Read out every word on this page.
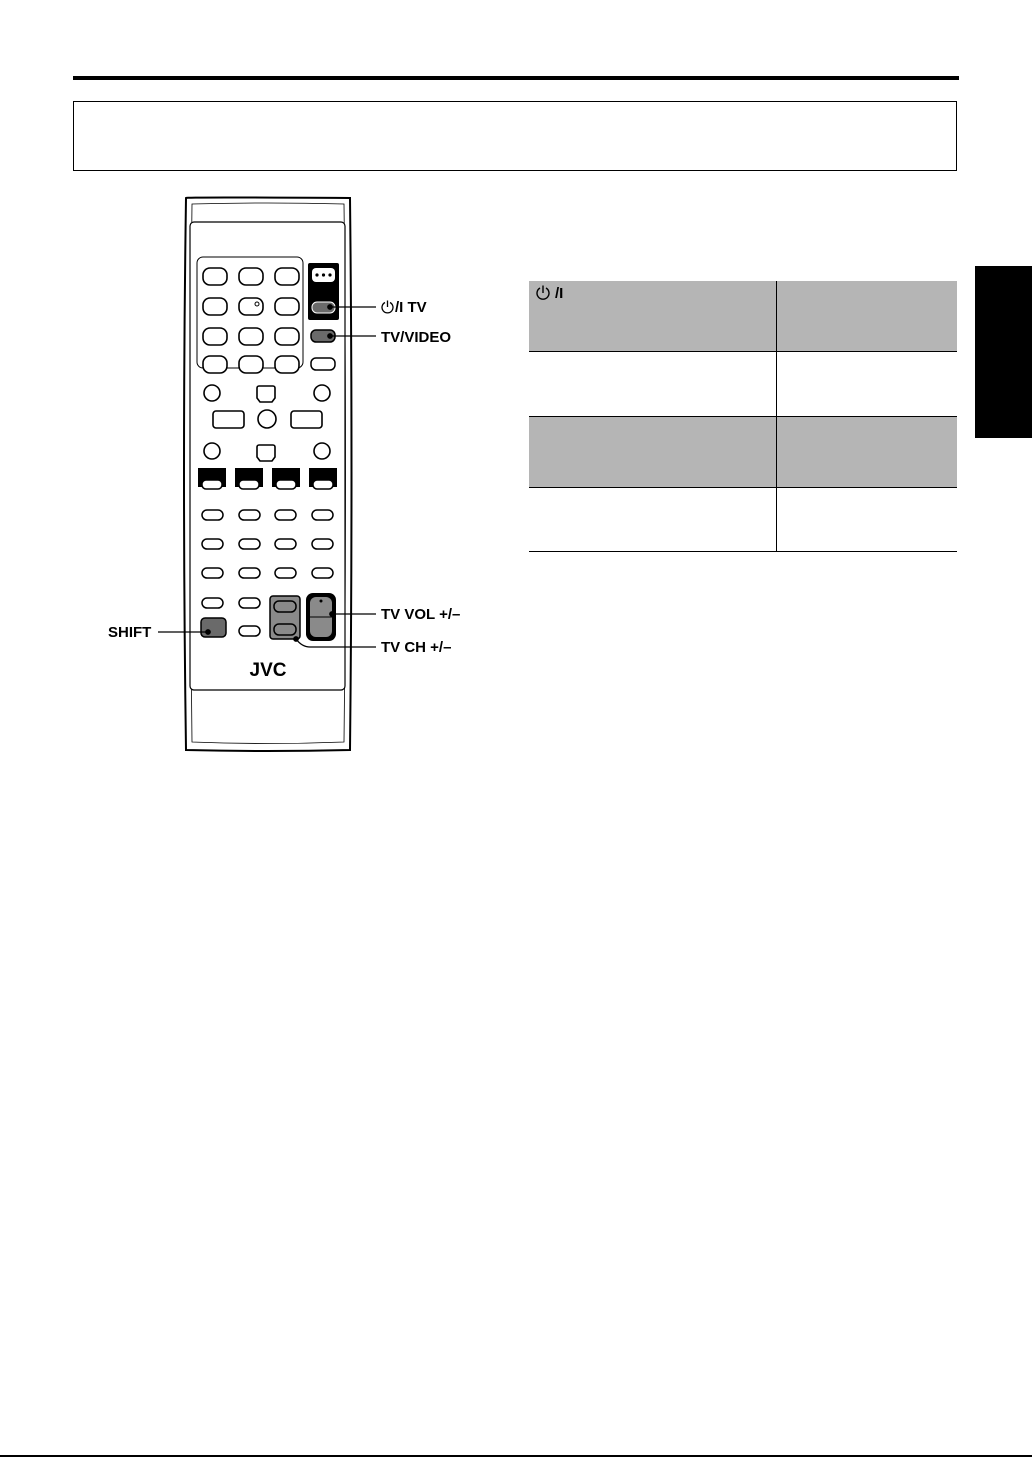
JVC
/I TV
TV/VIDEO
TV VOL +/–
SHIFT
TV CH +/–
/I	
